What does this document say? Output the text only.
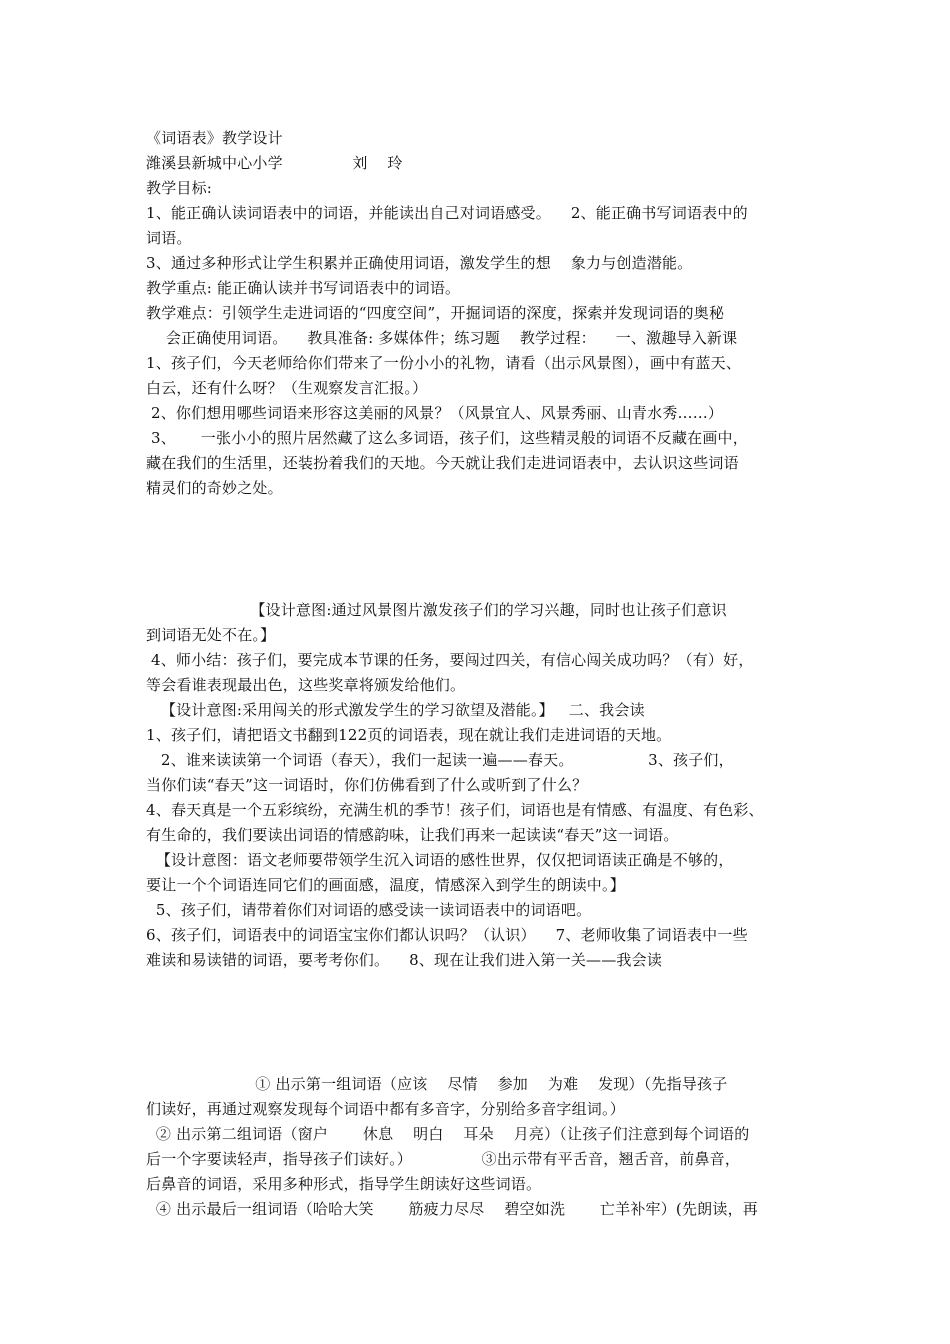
《词语表》教学设计
潍溪县新城中心小学              刘    玲
教学目标:
1、能正确认读词语表中的词语，并能读出自己对词语感受。    2、能正确书写词语表中的
词语。
3、通过多种形式让学生积累并正确使用词语，激发学生的想    象力与创造潜能。
教学重点: 能正确认读并书写词语表中的词语。
教学难点：引领学生走进词语的“四度空间”，开掘词语的深度，探索并发现词语的奥秘
会正确使用词语。    教具准备: 多媒体件；练习题    教学过程：    一、激趣导入新课
1、孩子们，今天老师给你们带来了一份小小的礼物，请看（出示风景图），画中有蓝天、
白云，还有什么呀？（生观察发言汇报。）
2、你们想用哪些词语来形容这美丽的风景？（风景宜人、风景秀丽、山青水秀……）
3、     一张小小的照片居然藏了这么多词语，孩子们，这些精灵般的词语不反藏在画中，
藏在我们的生活里，还装扮着我们的天地。今天就让我们走进词语表中，去认识这些词语
精灵们的奇妙之处。
【设计意图:通过风景图片激发孩子们的学习兴趣，同时也让孩子们意识
到词语无处不在。】
4、师小结：孩子们，要完成本节课的任务，要闯过四关，有信心闯关成功吗？（有）好，
等会看谁表现最出色，这些奖章将颁发给他们。
【设计意图:采用闯关的形式激发学生的学习欲望及潜能。】   二、我会读
1、孩子们，请把语文书翻到122页的词语表，现在就让我们走进词语的天地。
2、谁来读读第一个词语（春天），我们一起读一遍——春天。               3、孩子们，
当你们读“春天”这一词语时，你们仿佛看到了什么或听到了什么？
4、春天真是一个五彩缤纷，充满生机的季节！孩子们，词语也是有情感、有温度、有色彩、
有生命的，我们要读出词语的情感韵味，让我们再来一起读读“春天”这一词语。
【设计意图：语文老师要带领学生沉入词语的感性世界，仅仅把词语读正确是不够的，
要让一个个词语连同它们的画面感，温度，情感深入到学生的朗读中。】
5、孩子们，请带着你们对词语的感受读一读词语表中的词语吧。
6、孩子们，词语表中的词语宝宝你们都认识吗？（认识）    7、老师收集了词语表中一些
难读和易读错的词语，要考考你们。    8、现在让我们进入第一关——我会读
① 出示第一组词语（应该    尽情    参加    为难    发现）（先指导孩子
们读好，再通过观察发现每个词语中都有多音字，分别给多音字组词。）
② 出示第二组词语（窗户       休息    明白    耳朵    月亮）（让孩子们注意到每个词语的
后一个字要读轻声，指导孩子们读好。）              ③出示带有平舌音，翘舌音，前鼻音，
后鼻音的词语，采用多种形式，指导学生朗读好这些词语。
④ 出示最后一组词语（哈哈大笑       筋疲力尽尽    碧空如洗       亡羊补牢）(先朗读，再
